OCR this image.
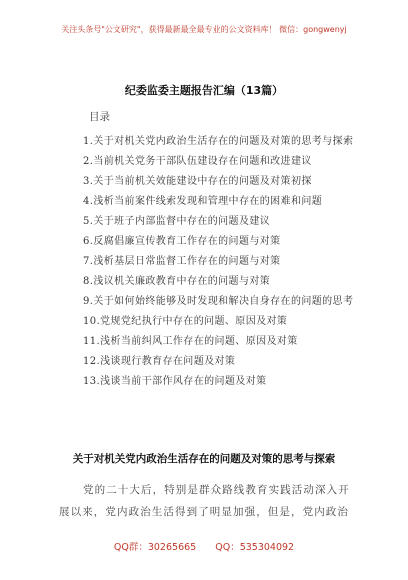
关注头条号"公文研究"，获得最新最全最专业的公文资料库！ 微信：gongwenyj
纪委监委主题报告汇编（13篇）
目录
1.关于对机关党内政治生活存在的问题及对策的思考与探索
2.当前机关党务干部队伍建设存在问题和改进建议
3.关于当前机关效能建设中存在的问题及对策初探
4.浅析当前案件线索发现和管理中存在的困难和问题
5.关于班子内部监督中存在的问题及建议
6.反腐倡廉宣传教育工作存在的问题与对策
7.浅析基层日常监督工作存在的问题与对策
8.浅议机关廉政教育中存在的问题与对策
9.关于如何始终能够及时发现和解决自身存在的问题的思考
10.党规党纪执行中存在的问题、原因及对策
11.浅析当前纠风工作存在的问题、原因及对策
12.浅谈现行教育存在问题及对策
13.浅谈当前干部作风存在的问题及对策
关于对机关党内政治生活存在的问题及对策的思考与探索
党的二十大后，特别是群众路线教育实践活动深入开展以来，党内政治生活得到了明显加强，但是，党内政治
QQ群：30265665 QQ：535304092
